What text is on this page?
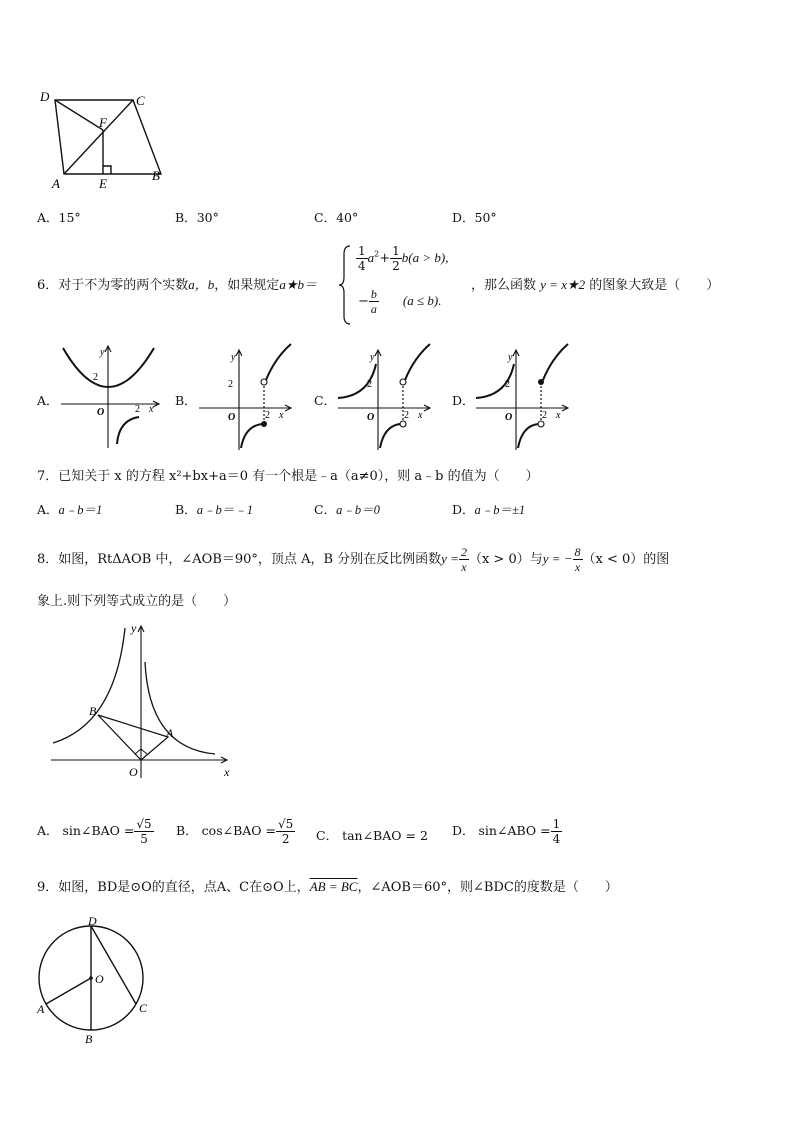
D	C
F
A	E
B
A．15°	B．30°	C．40°	D．50°
6．对于不为零的两个实数a，b，如果规定a★b＝
$\frac{1}{4} a^2+ \frac{1}{2} b(a > b)$,
− $\frac{b}{a} (a \le b)$.
，那么函数 y = x★2 的图象大致是（　　）
A．
y
2
O	2 x
B．
y
2
O	2 x
C．
y
2
O	2 x
D．
y
2
O	2 x
7．已知关于 x 的方程 x²+bx+a＝0 有一个根是﹣a（a≠0），则 a﹣b 的值为（　　）
A．a﹣b＝1	B．a﹣b＝﹣1	C．a﹣b＝0	D．a﹣b＝±1
8．如图，RtΔAOB 中，∠AOB＝90°，顶点 A，B 分别在反比例函数$y = \frac{2}{x} (x > 0)$与y = − $\frac{8}{x} (x < 0)$的图
象上.则下列等式成立的是（　　）
y
x
O
B
A
A． sin∠BAO = $\frac{√5}{5}$ B． cos∠BAO = $\frac{√5}{2}$ C． tan∠BAO = 2 D． sin∠ABO = $\frac{1}{4}$
9．如图，BD是⊙O的直径，点A、C在⊙O上，AB = BC，∠AOB＝60°，则∠BDC的度数是（　　）
D
O
A	C
B
